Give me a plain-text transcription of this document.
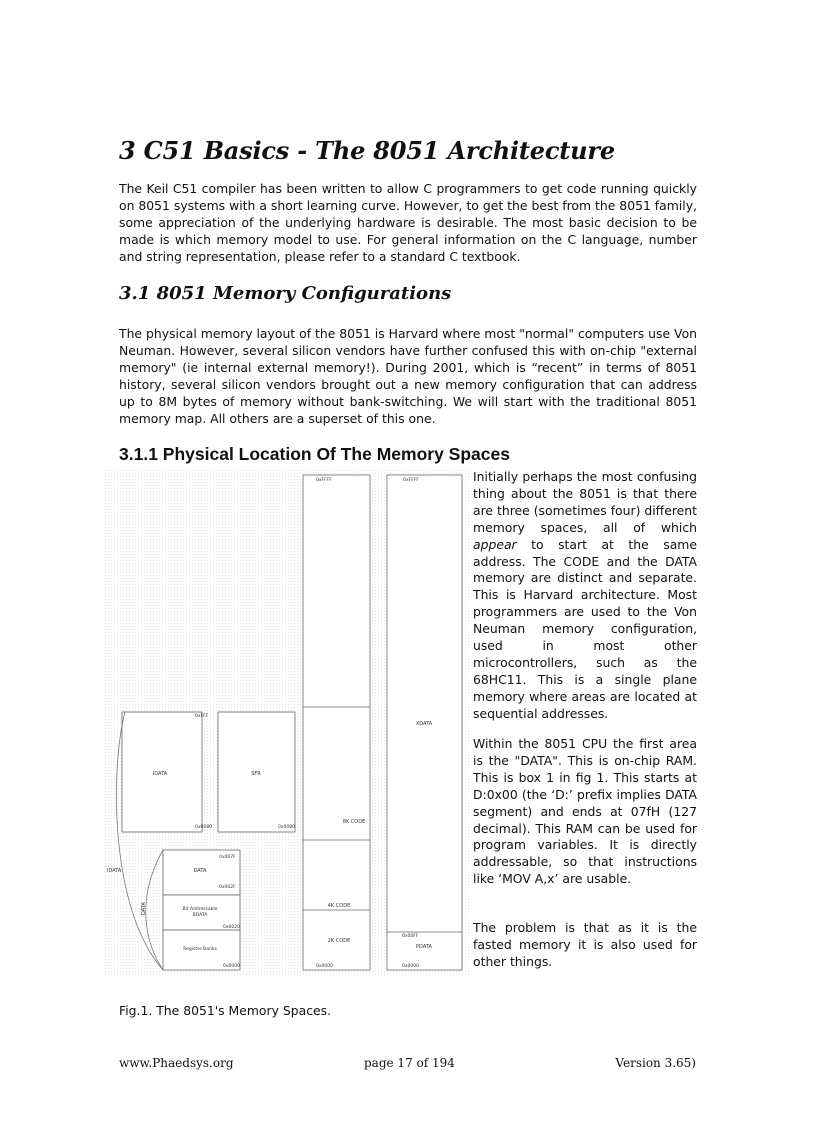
3 C51 Basics - The 8051 Architecture

The Keil C51 compiler has been written to allow C programmers to get code running quickly on 8051 systems with a short learning curve. However, to get the best from the 8051 family, some appreciation of the underlying hardware is desirable. The most basic decision to be made is which memory model to use. For general information on the C language, number and string representation, please refer to a standard C textbook.

3.1 8051 Memory Configurations

The physical memory layout of the 8051 is Harvard where most "normal" computers use Von Neuman. However, several silicon vendors have further confused this with on-chip "external memory" (ie internal external memory!). During 2001, which is “recent” in terms of 8051 history, several silicon vendors brought out a new memory configuration that can address up to 8M bytes of memory without bank-switching. We will start with the traditional 8051 memory map. All others are a superset of this one.

3.1.1 Physical Location Of The Memory Spaces

Initially perhaps the most confusing thing about the 8051 is that there are three (sometimes four) different memory spaces, all of which appear to start at the same address. The CODE and the DATA memory are distinct and separate. This is Harvard architecture. Most programmers are used to the Von Neuman memory configuration, used in most other microcontrollers, such as the 68HC11. This is a single plane memory where areas are located at sequential addresses.

Within the 8051 CPU the first area is the "DATA". This is on-chip RAM. This is box 1 in fig 1. This starts at D:0x00 (the ‘D:’ prefix implies DATA segment) and ends at 07fH (127 decimal). This RAM can be used for program variables. It is directly addressable, so that instructions like ‘MOV A,x’ are usable.

The problem is that as it is the fasted memory it is also used for other things.

0xFFF
IDATA
0x0080
SFR
0x0080
0x007F
DATA
0x002F
Bit Addressable
BDATA
0x0020
Register Banks
0x0000
IDATA
DATA
0xFFFF
8K CODE
4K CODE
2K CODE
0x0000
0xFFFF
XDATA
0x00FF
PDATA
0x0000

Fig.1. The 8051's Memory Spaces.

www.Phaedsys.org	page 17 of 194	Version 3.65)
